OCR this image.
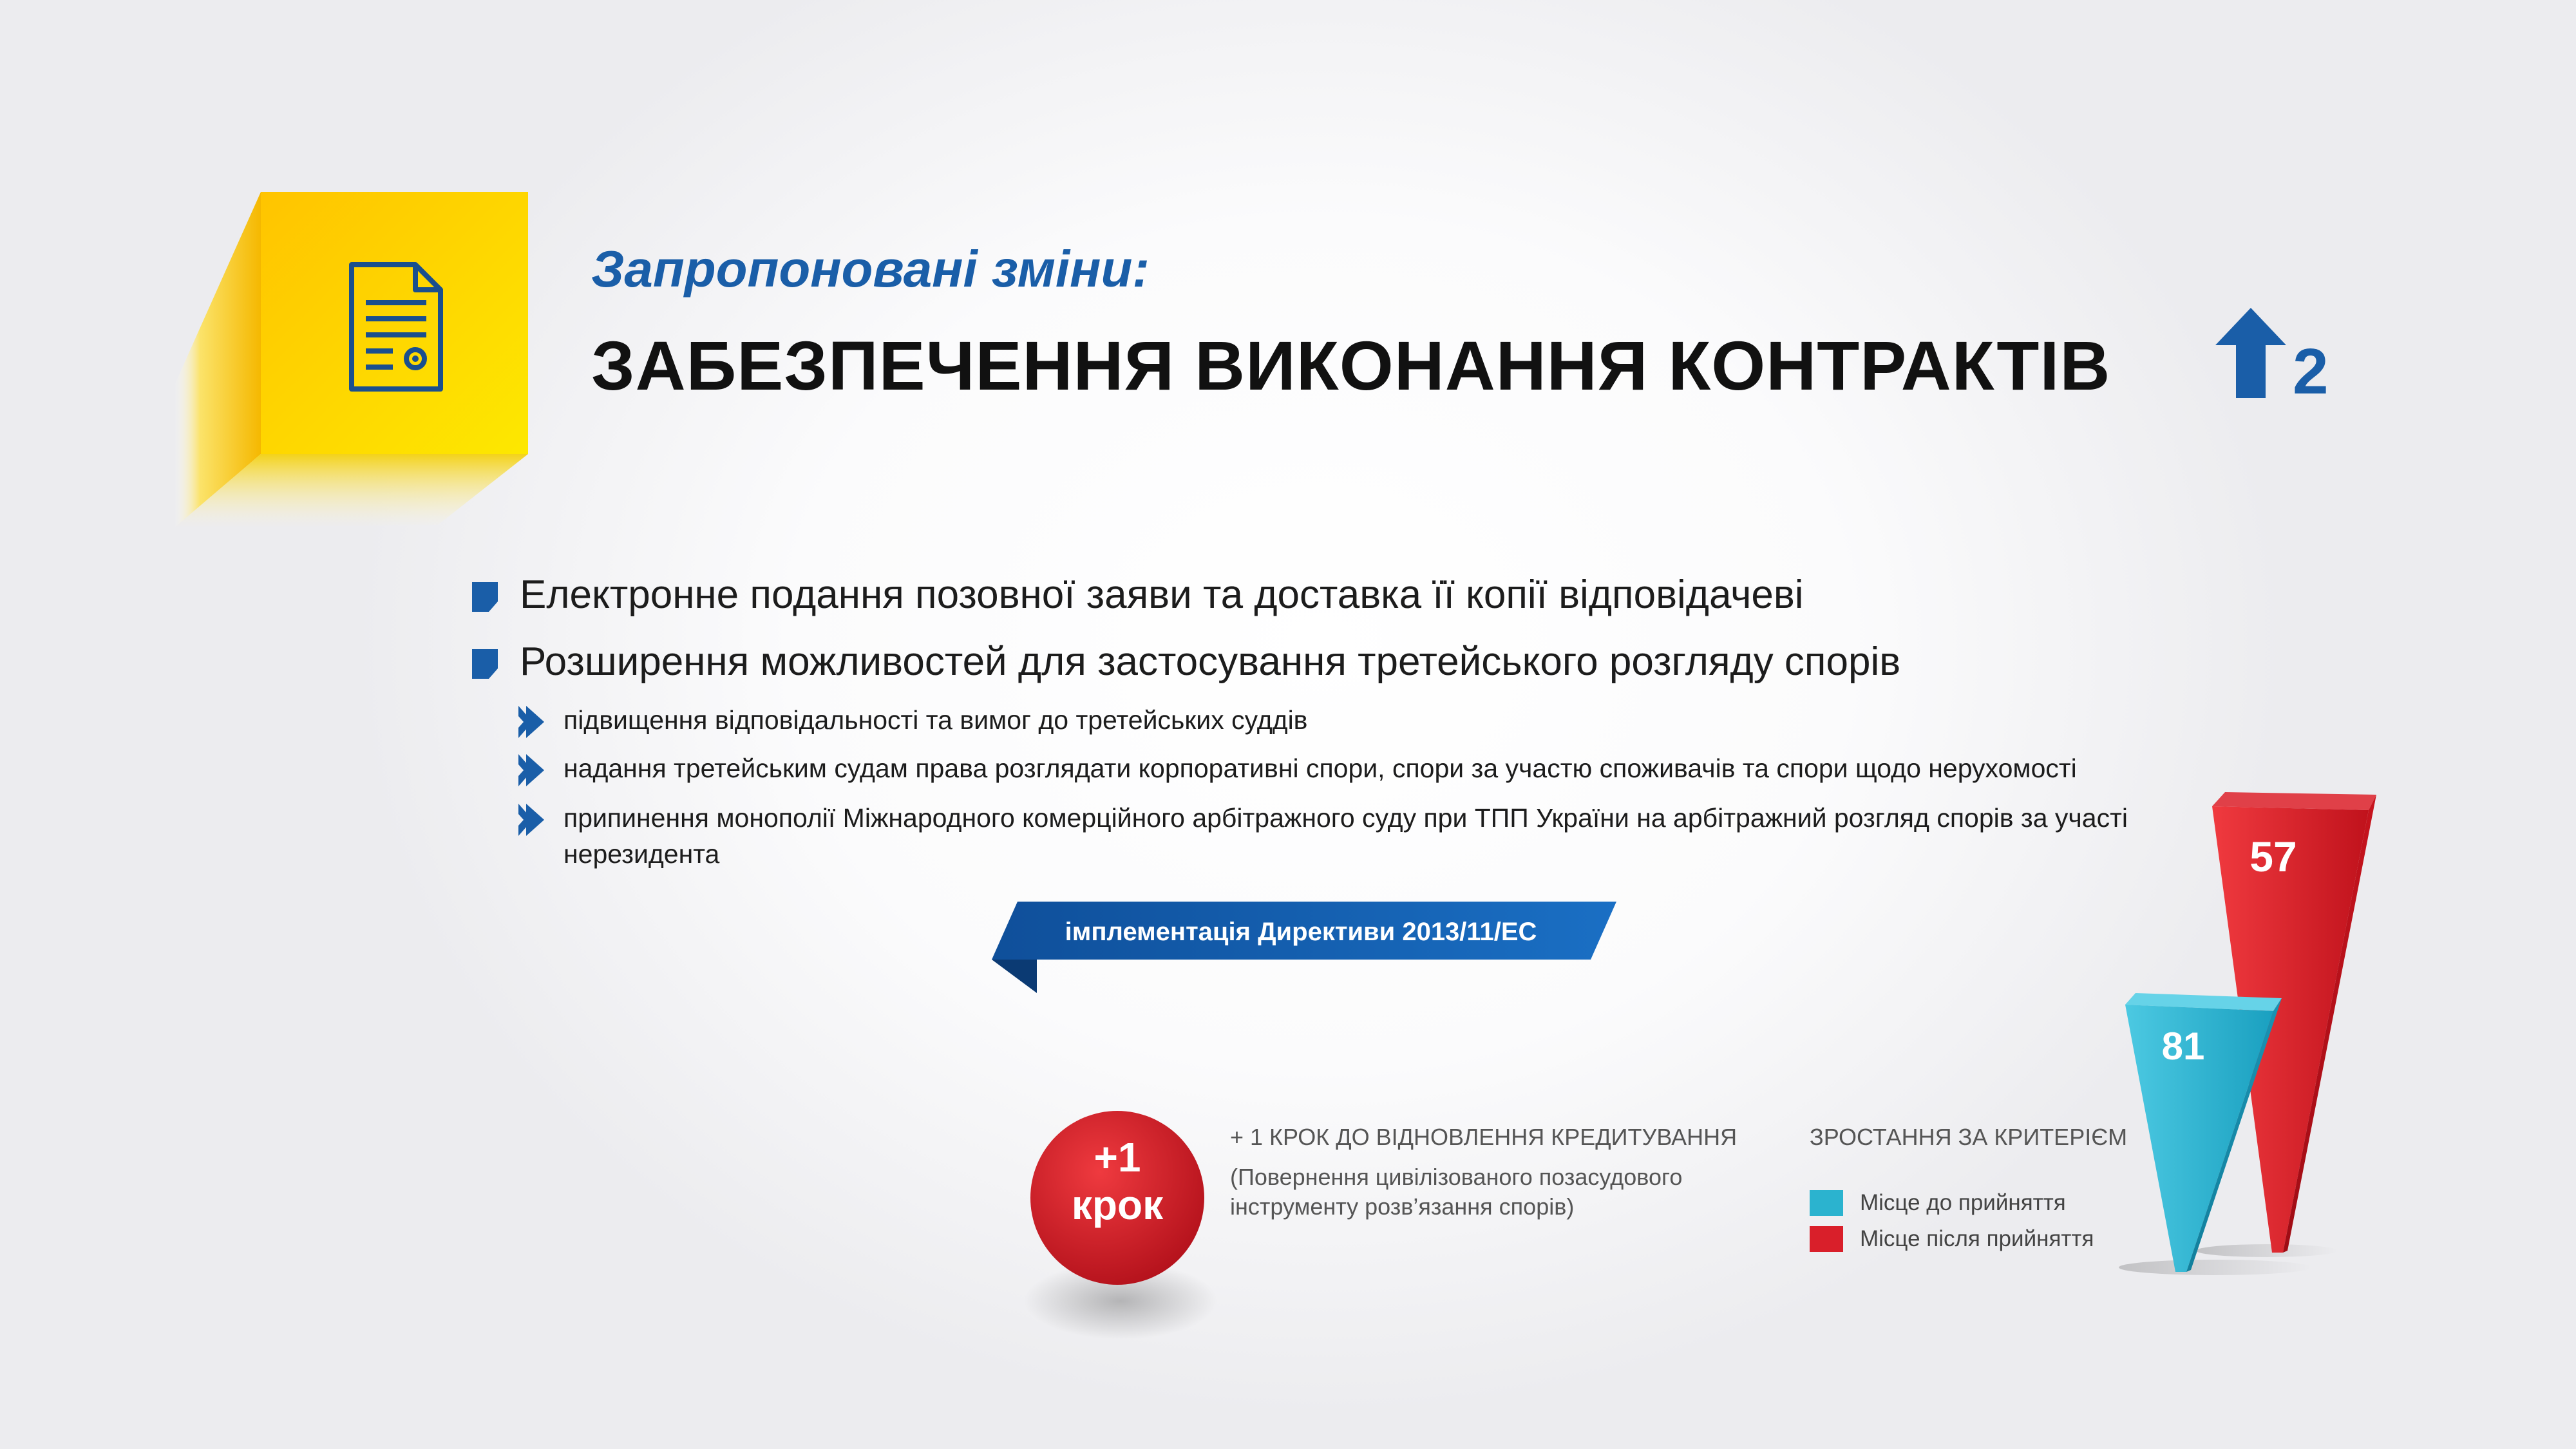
Запропоновані зміни:
ЗАБЕЗПЕЧЕННЯ ВИКОНАННЯ КОНТРАКТІВ	2
Електронне подання позовної заяви та доставка її копії відповідачеві
Розширення можливостей для застосування третейського розгляду спорів
підвищення відповідальності та вимог до третейських суддів
надання третейським судам права розглядати корпоративні спори, спори за участю споживачів та спори щодо нерухомості
припинення монополії Міжнародного комерційного арбітражного суду при ТПП України на арбітражний розгляд спорів за участі нерезидента
імплементація Директиви 2013/11/ЕС
+1
крок
+ 1 КРОК ДО ВІДНОВЛЕННЯ КРЕДИТУВАННЯ
(Повернення цивілізованого позасудового інструменту розв’язання спорів)
ЗРОСТАННЯ ЗА КРИТЕРІЄМ
Місце до прийняття
Місце після прийняття
57
81
